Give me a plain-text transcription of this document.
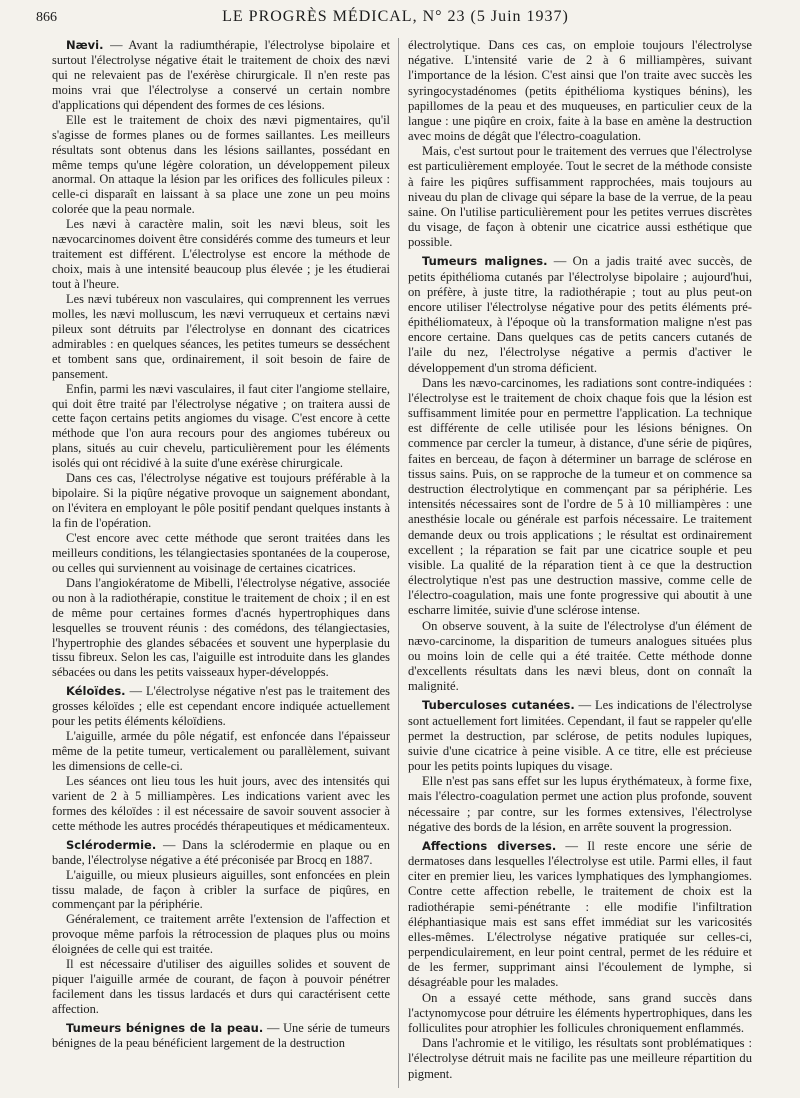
866	LE PROGRÈS MÉDICAL, N° 23 (5 Juin 1937)

Nævi. — Avant la radiumthérapie, l'électrolyse bipolaire et surtout l'électrolyse négative était le traitement de choix des nævi qui ne relevaient pas de l'exérèse chirurgicale. Il n'en reste pas moins vrai que l'électrolyse a conservé un certain nombre d'applications qui dépendent des formes de ces lésions.

Elle est le traitement de choix des nævi pigmentaires, qu'il s'agisse de formes planes ou de formes saillantes. Les meilleurs résultats sont obtenus dans les lésions saillantes, possédant en même temps qu'une légère coloration, un développement pileux anormal. On attaque la lésion par les orifices des follicules pileux : celle-ci disparaît en laissant à sa place une zone un peu moins colorée que la peau normale.

Les nævi à caractère malin, soit les nævi bleus, soit les nævocarcinomes doivent être considérés comme des tumeurs et leur traitement est différent. L'électrolyse est encore la méthode de choix, mais à une intensité beaucoup plus élevée ; je les étudierai tout à l'heure.

Les nævi tubéreux non vasculaires, qui comprennent les verrues molles, les nævi molluscum, les nævi verruqueux et certains nævi pileux sont détruits par l'électrolyse en donnant des cicatrices admirables : en quelques séances, les petites tumeurs se desséchent et tombent sans que, ordinairement, il soit besoin de faire de pansement.

Enfin, parmi les nævi vasculaires, il faut citer l'angiome stellaire, qui doit être traité par l'électrolyse négative ; on traitera aussi de cette façon certains petits angiomes du visage. C'est encore à cette méthode que l'on aura recours pour des angiomes tubéreux ou plans, situés au cuir chevelu, particulièrement pour les éléments isolés qui ont récidivé à la suite d'une exérèse chirurgicale.

Dans ces cas, l'électrolyse négative est toujours préférable à la bipolaire. Si la piqûre négative provoque un saignement abondant, on l'évitera en employant le pôle positif pendant quelques instants à la fin de l'opération.

C'est encore avec cette méthode que seront traitées dans les meilleurs conditions, les télangiectasies spontanées de la couperose, ou celles qui surviennent au voisinage de certaines cicatrices.

Dans l'angiokératome de Mibelli, l'électrolyse négative, associée ou non à la radiothérapie, constitue le traitement de choix ; il en est de même pour certaines formes d'acnés hypertrophiques dans lesquelles se trouvent réunis : des comédons, des télangiectasies, l'hypertrophie des glandes sébacées et souvent une hyperplasie du tissu fibreux. Selon les cas, l'aiguille est introduite dans les glandes sébacées ou dans les petits vaisseaux hyper-développés.

Kéloïdes. — L'électrolyse négative n'est pas le traitement des grosses kéloïdes ; elle est cependant encore indiquée actuellement pour les petits éléments kéloïdiens.

L'aiguille, armée du pôle négatif, est enfoncée dans l'épaisseur même de la petite tumeur, verticalement ou parallèlement, suivant les dimensions de celle-ci.

Les séances ont lieu tous les huit jours, avec des intensités qui varient de 2 à 5 milliampères. Les indications varient avec les formes des kéloïdes : il est nécessaire de savoir souvent associer à cette méthode les autres procédés thérapeutiques et médicamenteux.

Sclérodermie. — Dans la sclérodermie en plaque ou en bande, l'électrolyse négative a été préconisée par Brocq en 1887.

L'aiguille, ou mieux plusieurs aiguilles, sont enfoncées en plein tissu malade, de façon à cribler la surface de piqûres, en commençant par la périphérie.

Généralement, ce traitement arrête l'extension de l'affection et provoque même parfois la rétrocession de plaques plus ou moins éloignées de celle qui est traitée.

Il est nécessaire d'utiliser des aiguilles solides et souvent de piquer l'aiguille armée de courant, de façon à pouvoir pénétrer facilement dans les tissus lardacés et durs qui caractérisent cette affection.

Tumeurs bénignes de la peau. — Une série de tumeurs bénignes de la peau bénéficient largement de la destruction

électrolytique. Dans ces cas, on emploie toujours l'électrolyse négative. L'intensité varie de 2 à 6 milliampères, suivant l'importance de la lésion. C'est ainsi que l'on traite avec succès les syringocystadénomes (petits épithélioma kystiques bénins), les papillomes de la peau et des muqueuses, en particulier ceux de la langue : une piqûre en croix, faite à la base en amène la destruction avec moins de dégât que l'électro-coagulation.

Mais, c'est surtout pour le traitement des verrues que l'électrolyse est particulièrement employée. Tout le secret de la méthode consiste à faire les piqûres suffisamment rapprochées, mais toujours au niveau du plan de clivage qui sépare la base de la verrue, de la peau saine. On l'utilise particulièrement pour les petites verrues discrètes du visage, de façon à obtenir une cicatrice aussi esthétique que possible.

Tumeurs malignes. — On a jadis traité avec succès, de petits épithélioma cutanés par l'électrolyse bipolaire ; aujourd'hui, on préfère, à juste titre, la radiothérapie ; tout au plus peut-on encore utiliser l'électrolyse négative pour des petits éléments pré-épithéliomateux, à l'époque où la transformation maligne n'est pas encore certaine. Dans quelques cas de petits cancers cutanés de l'aile du nez, l'électrolyse négative a permis d'activer le développement d'un stroma déficient.

Dans les nævo-carcinomes, les radiations sont contre-indiquées : l'électrolyse est le traitement de choix chaque fois que la lésion est suffisamment limitée pour en permettre l'application. La technique est différente de celle utilisée pour les lésions bénignes. On commence par cercler la tumeur, à distance, d'une série de piqûres, faites en berceau, de façon à déterminer un barrage de sclérose en tissus sains. Puis, on se rapproche de la tumeur et on commence sa destruction électrolytique en commençant par sa périphérie. Les intensités nécessaires sont de l'ordre de 5 à 10 milliampères : une anesthésie locale ou générale est parfois nécessaire. Le traitement demande deux ou trois applications ; le résultat est ordinairement excellent ; la réparation se fait par une cicatrice souple et peu visible. La qualité de la réparation tient à ce que la destruction électrolytique n'est pas une destruction massive, comme celle de l'électro-coagulation, mais une fonte progressive qui aboutit à une escharre limitée, suivie d'une sclérose intense.

On observe souvent, à la suite de l'électrolyse d'un élément de nævo-carcinome, la disparition de tumeurs analogues situées plus ou moins loin de celle qui a été traitée. Cette méthode donne d'excellents résultats dans les nævi bleus, dont on connaît la malignité.

Tuberculoses cutanées. — Les indications de l'électrolyse sont actuellement fort limitées. Cependant, il faut se rappeler qu'elle permet la destruction, par sclérose, de petits nodules lupiques, suivie d'une cicatrice à peine visible. A ce titre, elle est précieuse pour les petits points lupiques du visage.

Elle n'est pas sans effet sur les lupus érythémateux, à forme fixe, mais l'électro-coagulation permet une action plus profonde, souvent nécessaire ; par contre, sur les formes extensives, l'électrolyse négative des bords de la lésion, en arrête souvent la progression.

Affections diverses. — Il reste encore une série de dermatoses dans lesquelles l'électrolyse est utile. Parmi elles, il faut citer en premier lieu, les varices lymphatiques des lymphangiomes. Contre cette affection rebelle, le traitement de choix est la radiothérapie semi-pénétrante : elle modifie l'infiltration éléphantiasique mais est sans effet immédiat sur les varicosités elles-mêmes. L'électrolyse négative pratiquée sur celles-ci, perpendiculairement, en leur point central, permet de les réduire et de les fermer, supprimant ainsi l'écoulement de lymphe, si désagréable pour les malades.

On a essayé cette méthode, sans grand succès dans l'actynomycose pour détruire les éléments hypertrophiques, dans les folliculites pour atrophier les follicules chroniquement enflammés.

Dans l'achromie et le vitiligo, les résultats sont problématiques : l'électrolyse détruit mais ne facilite pas une meilleure répartition du pigment.
